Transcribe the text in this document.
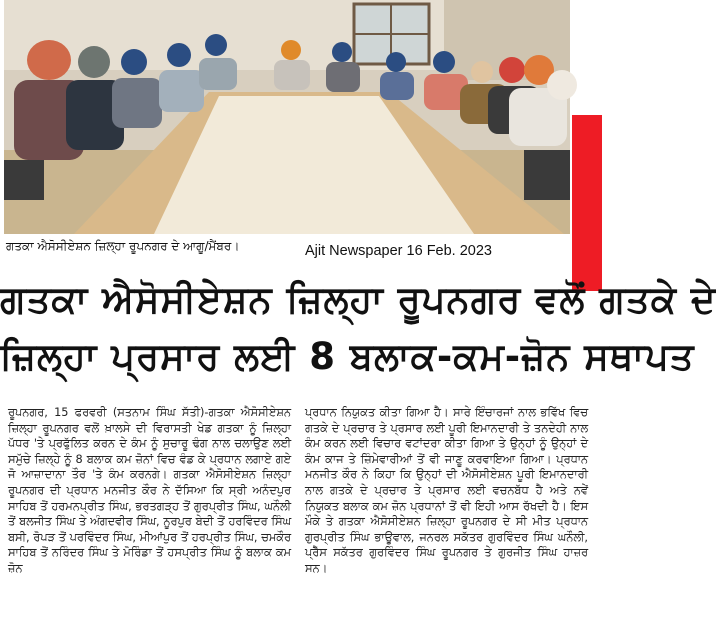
ਗਤਕਾ ਐਸੋਸੀਏਸ਼ਨ ਜ਼ਿਲ੍ਹਾ ਰੂਪਨਗਰ ਦੇ ਆਗੂ/ਮੈਂਬਰ।	Ajit Newspaper 16 Feb. 2023
ਗਤਕਾ ਐਸੋਸੀਏਸ਼ਨ ਜ਼ਿਲ੍ਹਾ ਰੂਪਨਗਰ ਵਲੋਂ ਗਤਕੇ ਦੇ
ਜ਼ਿਲ੍ਹਾ ਪ੍ਰਸਾਰ ਲਈ 8 ਬਲਾਕ-ਕਮ-ਜ਼ੋਨ ਸਥਾਪਤ

ਰੂਪਨਗਰ, 15 ਫਰਵਰੀ (ਸਤਨਾਮ ਸਿੰਘ ਸੱਤੀ)-ਗਤਕਾ ਐਸੋਸੀਏਸ਼ਨ ਜ਼ਿਲ੍ਹਾ ਰੂਪਨਗਰ ਵਲੋਂ ਖ਼ਾਲਸੇ ਦੀ ਵਿਰਾਸਤੀ ਖੇਡ ਗਤਕਾ ਨੂੰ ਜ਼ਿਲ੍ਹਾ ਪੱਧਰ 'ਤੇ ਪ੍ਰਫੁੱਲਿਤ ਕਰਨ ਦੇ ਕੰਮ ਨੂੰ ਸੁਚਾਰੂ ਢੰਗ ਨਾਲ ਚਲਾਉਣ ਲਈ ਸਮੁੱਚੇ ਜ਼ਿਲ੍ਹੇ ਨੂੰ 8 ਬਲਾਕ ਕਮ ਜ਼ੋਨਾਂ ਵਿਚ ਵੰਡ ਕੇ ਪ੍ਰਧਾਨ ਲਗਾਏ ਗਏ ਜੋ ਆਜ਼ਾਦਾਨਾ ਤੌਰ 'ਤੇ ਕੰਮ ਕਰਨਗੇ। ਗਤਕਾ ਐਸੋਸੀਏਸ਼ਨ ਜ਼ਿਲ੍ਹਾ ਰੂਪਨਗਰ ਦੀ ਪ੍ਰਧਾਨ ਮਨਜੀਤ ਕੌਰ ਨੇ ਦੱਸਿਆ ਕਿ ਸ੍ਰੀ ਅਨੰਦਪੁਰ ਸਾਹਿਬ ਤੋਂ ਹਰਮਨਪ੍ਰੀਤ ਸਿੰਘ, ਭਰਤਗੜ੍ਹ ਤੋਂ ਗੁਰਪ੍ਰੀਤ ਸਿੰਘ, ਘਨੌਲੀ ਤੋਂ ਬਲਜੀਤ ਸਿੰਘ ਤੇ ਅੰਗਦਵੀਰ ਸਿੰਘ, ਨੂਰਪੁਰ ਬੇਦੀ ਤੋਂ ਹਰਵਿੰਦਰ ਸਿੰਘ ਬਸੀ, ਰੋਪੜ ਤੋਂ ਪਰਵਿੰਦਰ ਸਿੰਘ, ਮੀਆਂਪੁਰ ਤੋਂ ਹਰਪ੍ਰੀਤ ਸਿੰਘ, ਚਮਕੌਰ ਸਾਹਿਬ ਤੋਂ ਨਰਿੰਦਰ ਸਿੰਘ ਤੇ ਮੋਰਿੰਡਾ ਤੋਂ ਹਸਪ੍ਰੀਤ ਸਿੰਘ ਨੂੰ ਬਲਾਕ ਕਮ ਜ਼ੋਨ

ਪ੍ਰਧਾਨ ਨਿਯੁਕਤ ਕੀਤਾ ਗਿਆ ਹੈ। ਸਾਰੇ ਇੰਚਾਰਜਾਂ ਨਾਲ ਭਵਿੱਖ ਵਿਚ ਗਤਕੇ ਦੇ ਪ੍ਰਚਾਰ ਤੇ ਪ੍ਰਸਾਰ ਲਈ ਪੂਰੀ ਇਮਾਨਦਾਰੀ ਤੇ ਤਨਦੇਹੀ ਨਾਲ ਕੰਮ ਕਰਨ ਲਈ ਵਿਚਾਰ ਵਟਾਂਦਰਾ ਕੀਤਾ ਗਿਆ ਤੇ ਉਨ੍ਹਾਂ ਨੂੰ ਉਨ੍ਹਾਂ ਦੇ ਕੰਮ ਕਾਜ ਤੇ ਜ਼ਿੰਮੇਵਾਰੀਆਂ ਤੋਂ ਵੀ ਜਾਣੂ ਕਰਵਾਇਆ ਗਿਆ। ਪ੍ਰਧਾਨ ਮਨਜੀਤ ਕੌਰ ਨੇ ਕਿਹਾ ਕਿ ਉਨ੍ਹਾਂ ਦੀ ਐਸੋਸੀਏਸ਼ਨ ਪੂਰੀ ਇਮਾਨਦਾਰੀ ਨਾਲ ਗਤਕੇ ਦੇ ਪ੍ਰਚਾਰ ਤੇ ਪ੍ਰਸਾਰ ਲਈ ਵਚਨਬੱਧ ਹੈ ਅਤੇ ਨਵੇਂ ਨਿਯੁਕਤ ਬਲਾਕ ਕਮ ਜ਼ੋਨ ਪ੍ਰਧਾਨਾਂ ਤੋਂ ਵੀ ਇਹੀ ਆਸ ਰੱਖਦੀ ਹੈ। ਇਸ ਮੌਕੇ ਤੇ ਗਤਕਾ ਐਸੋਸੀਏਸ਼ਨ ਜ਼ਿਲ੍ਹਾ ਰੂਪਨਗਰ ਦੇ ਸੀ ਮੀਤ ਪ੍ਰਧਾਨ ਗੁਰਪ੍ਰੀਤ ਸਿੰਘ ਭਾਊਵਾਲ, ਜਨਰਲ ਸਕੱਤਰ ਗੁਰਵਿੰਦਰ ਸਿੰਘ ਘਨੌਲੀ, ਪ੍ਰੈੱਸ ਸਕੱਤਰ ਗੁਰਵਿੰਦਰ ਸਿੰਘ ਰੂਪਨਗਰ ਤੇ ਗੁਰਜੀਤ ਸਿੰਘ ਹਾਜ਼ਰ ਸਨ।
